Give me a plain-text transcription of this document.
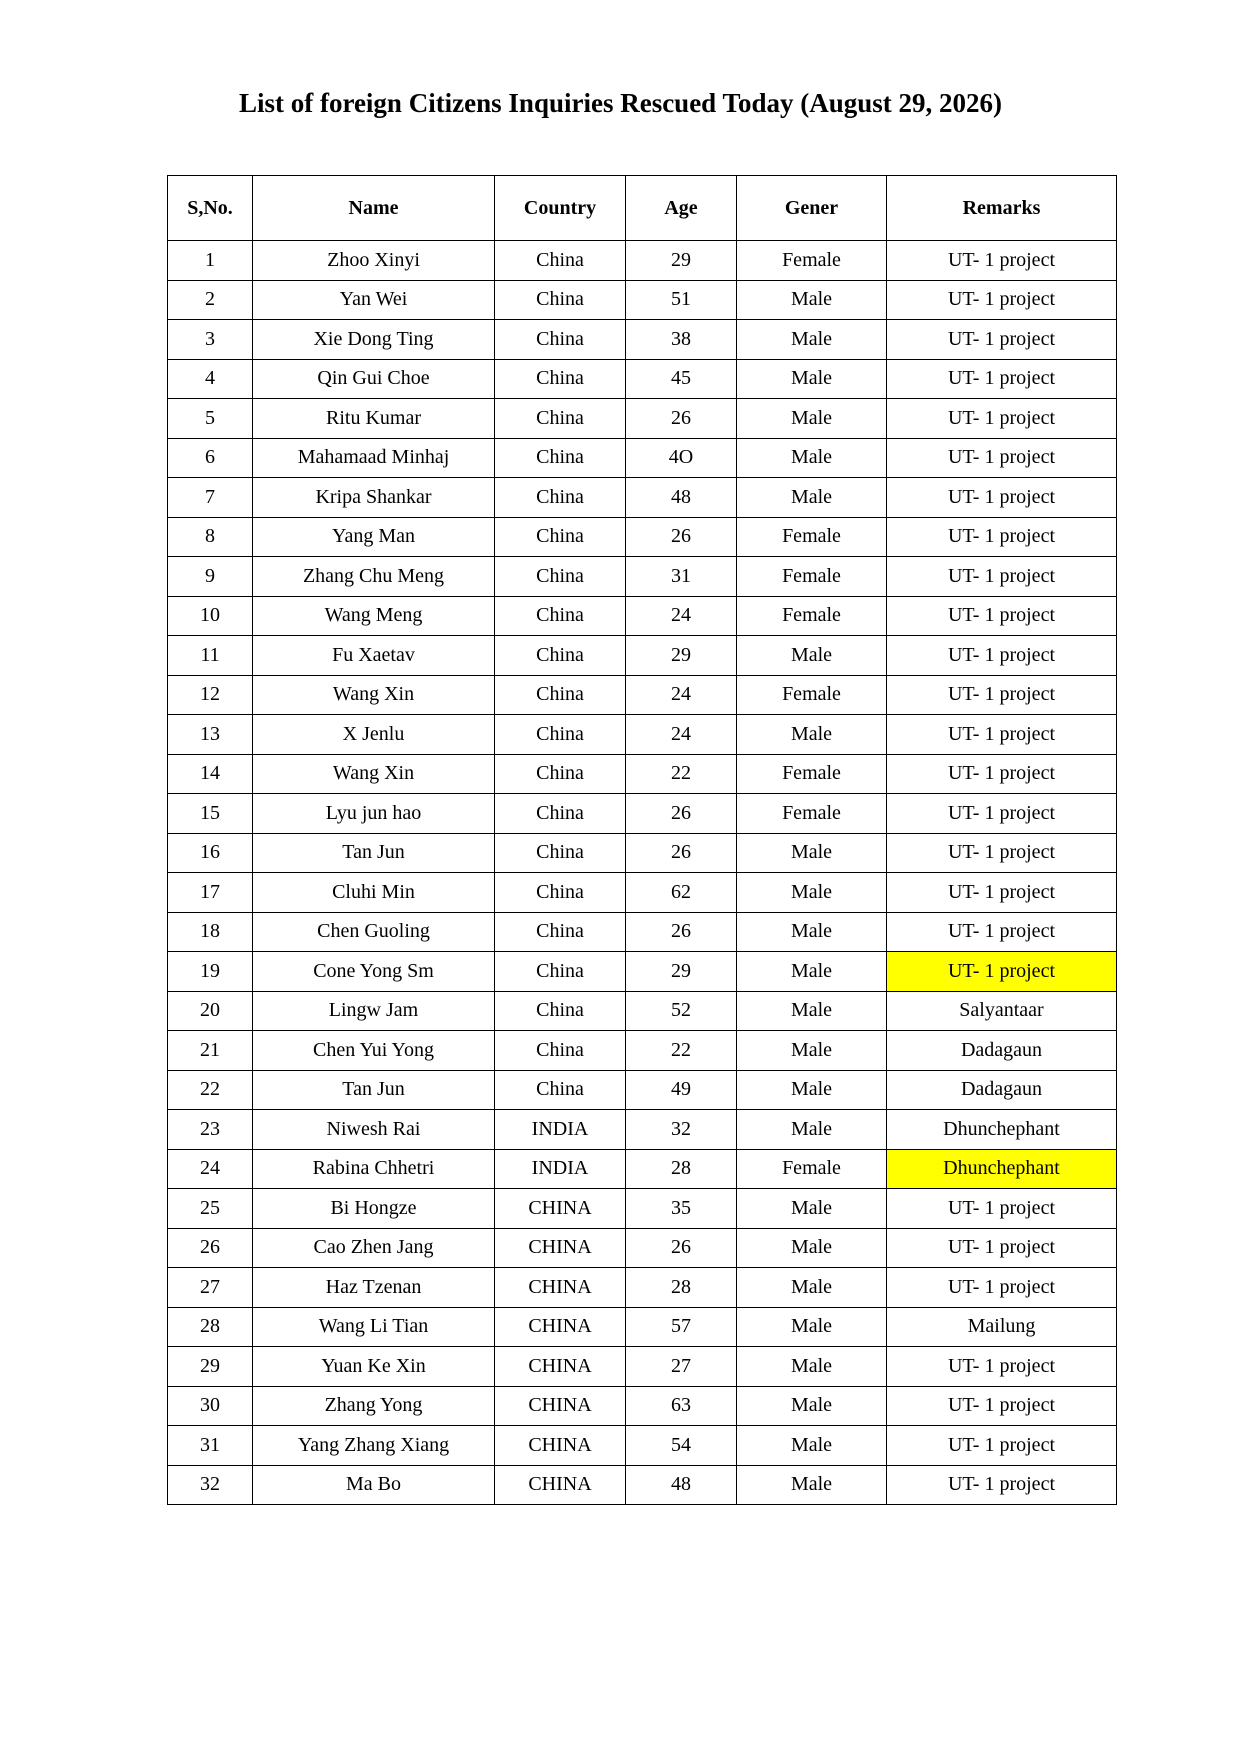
List of foreign Citizens Inquiries Rescued Today (August 29, 2026)
S,No.	Name	Country	Age	Gener	Remarks
1	Zhoo Xinyi	China	29	Female	UT- 1 project
2	Yan Wei	China	51	Male	UT- 1 project
3	Xie Dong Ting	China	38	Male	UT- 1 project
4	Qin Gui Choe	China	45	Male	UT- 1 project
5	Ritu Kumar	China	26	Male	UT- 1 project
6	Mahamaad Minhaj	China	4O	Male	UT- 1 project
7	Kripa Shankar	China	48	Male	UT- 1 project
8	Yang Man	China	26	Female	UT- 1 project
9	Zhang Chu Meng	China	31	Female	UT- 1 project
10	Wang Meng	China	24	Female	UT- 1 project
11	Fu Xaetav	China	29	Male	UT- 1 project
12	Wang Xin	China	24	Female	UT- 1 project
13	X Jenlu	China	24	Male	UT- 1 project
14	Wang Xin	China	22	Female	UT- 1 project
15	Lyu jun hao	China	26	Female	UT- 1 project
16	Tan Jun	China	26	Male	UT- 1 project
17	Cluhi Min	China	62	Male	UT- 1 project
18	Chen Guoling	China	26	Male	UT- 1 project
19	Cone Yong Sm	China	29	Male	UT- 1 project
20	Lingw Jam	China	52	Male	Salyantaar
21	Chen Yui Yong	China	22	Male	Dadagaun
22	Tan Jun	China	49	Male	Dadagaun
23	Niwesh Rai	INDIA	32	Male	Dhunchephant
24	Rabina Chhetri	INDIA	28	Female	Dhunchephant
25	Bi Hongze	CHINA	35	Male	UT- 1 project
26	Cao Zhen Jang	CHINA	26	Male	UT- 1 project
27	Haz Tzenan	CHINA	28	Male	UT- 1 project
28	Wang Li Tian	CHINA	57	Male	Mailung
29	Yuan Ke Xin	CHINA	27	Male	UT- 1 project
30	Zhang Yong	CHINA	63	Male	UT- 1 project
31	Yang Zhang Xiang	CHINA	54	Male	UT- 1 project
32	Ma Bo	CHINA	48	Male	UT- 1 project
